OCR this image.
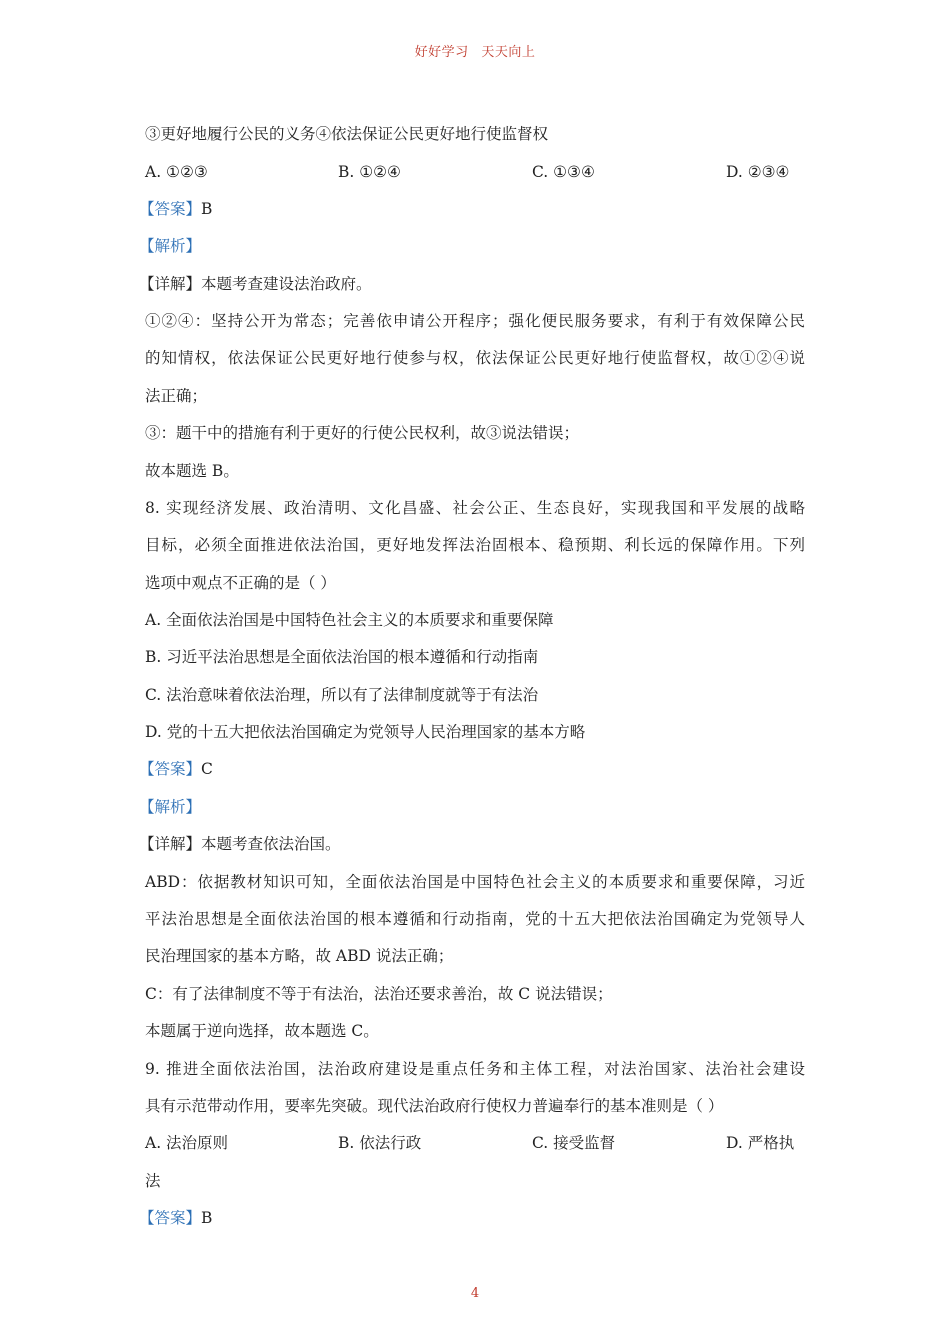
好好学习 天天向上
③更好地履行公民的义务④依法保证公民更好地行使监督权
A. ①②③	B. ①②④	C. ①③④	D. ②③④
【答案】B
【解析】
【详解】本题考查建设法治政府。
①②④：坚持公开为常态；完善依申请公开程序；强化便民服务要求，有利于有效保障公民
的知情权，依法保证公民更好地行使参与权，依法保证公民更好地行使监督权，故①②④说
法正确；
③：题干中的措施有利于更好的行使公民权利，故③说法错误；
故本题选 B。
8. 实现经济发展、政治清明、文化昌盛、社会公正、生态良好，实现我国和平发展的战略
目标，必须全面推进依法治国，更好地发挥法治固根本、稳预期、利长远的保障作用。下列
选项中观点不正确的是（ ）
A. 全面依法治国是中国特色社会主义的本质要求和重要保障
B. 习近平法治思想是全面依法治国的根本遵循和行动指南
C. 法治意味着依法治理，所以有了法律制度就等于有法治
D. 党的十五大把依法治国确定为党领导人民治理国家的基本方略
【答案】C
【解析】
【详解】本题考查依法治国。
ABD：依据教材知识可知，全面依法治国是中国特色社会主义的本质要求和重要保障，习近
平法治思想是全面依法治国的根本遵循和行动指南，党的十五大把依法治国确定为党领导人
民治理国家的基本方略，故 ABD 说法正确；
C：有了法律制度不等于有法治，法治还要求善治，故 C 说法错误；
本题属于逆向选择，故本题选 C。
9. 推进全面依法治国，法治政府建设是重点任务和主体工程，对法治国家、法治社会建设
具有示范带动作用，要率先突破。现代法治政府行使权力普遍奉行的基本准则是（ ）
A. 法治原则	B. 依法行政	C. 接受监督	D. 严格执
法
【答案】B
4
